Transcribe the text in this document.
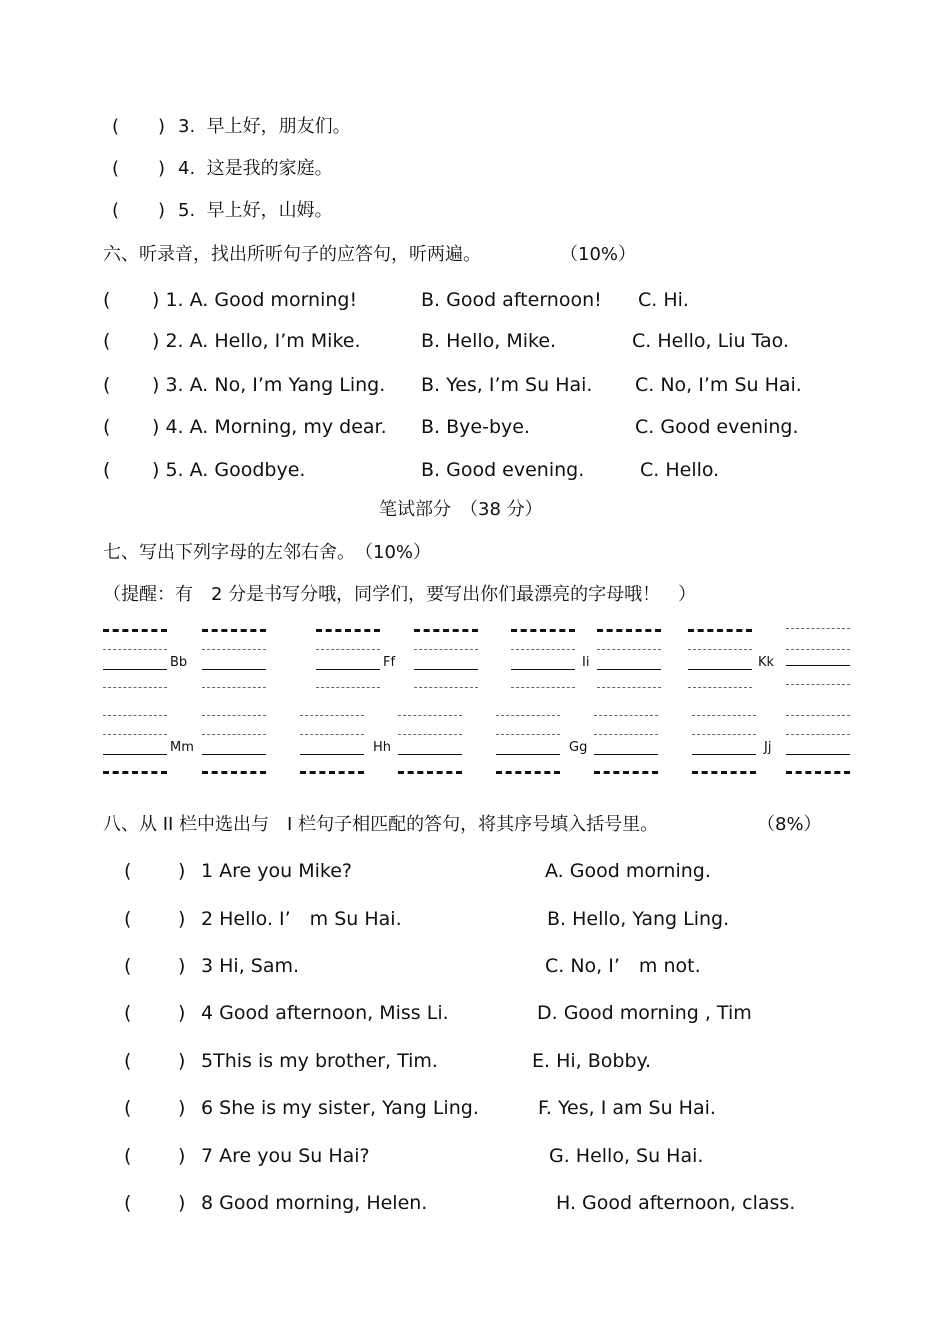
( ) 3.  早上好，朋友们。
( ) 4.  这是我的家庭。
( ) 5.  早上好，山姆。
六、听录音，找出所听句子的应答句，听两遍。	（10%）
( ) 1. A. Good morning!	B. Good afternoon! C. Hi.
( ) 2. A. Hello, I’m Mike.	B. Hello, Mike.	C. Hello, Liu Tao.
( ) 3. A. No, I’m Yang Ling. B. Yes, I’m Su Hai. C. No, I’m Su Hai.
( ) 4. A. Morning, my dear. B. Bye-bye.	C. Good evening.
( ) 5. A. Goodbye.	B. Good evening.	C. Hello.
笔试部分　（38 分）
七、写出下列字母的左邻右舍。　（10%）
（提醒：有　2 分是书写分哦，同学们，要写出你们最漂亮的字母哦！　）
Bb	Ff	Ii	Kk
Mm	Hh	Gg	Jj
八、从 II 栏中选出与　I 栏句子相匹配的答句，将其序号填入括号里。	（8%）
( ) 1 Are you Mike?	A. Good morning.
( ) 2 Hello. I’　m Su Hai.	B. Hello, Yang Ling.
( ) 3 Hi, Sam.	C. No, I’　m not.
( ) 4 Good afternoon, Miss Li.	D. Good morning , Tim
( ) 5This is my brother, Tim.	E. Hi, Bobby.
( ) 6 She is my sister, Yang Ling.	F. Yes, I am Su Hai.
( ) 7 Are you Su Hai?	G. Hello, Su Hai.
( ) 8 Good morning, Helen.	H. Good afternoon, class.
